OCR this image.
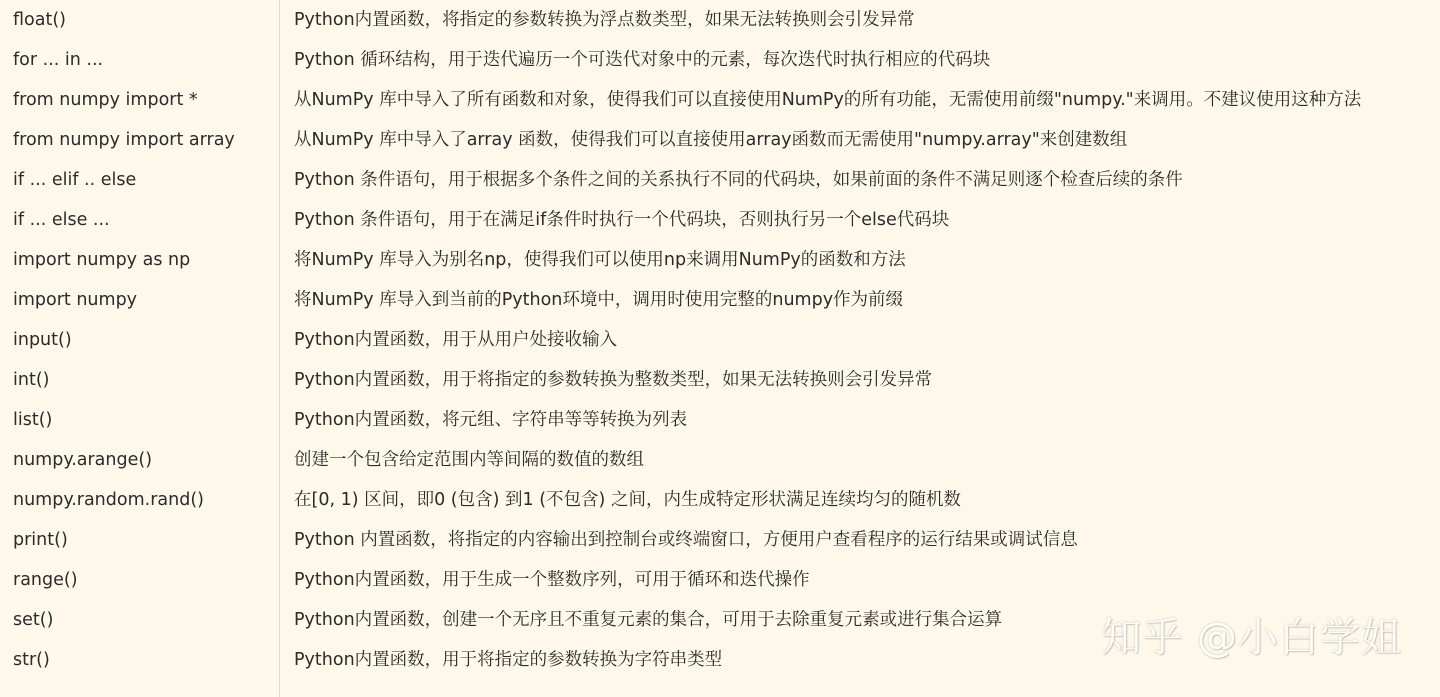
float()	Python内置函数，将指定的参数转换为浮点数类型，如果无法转换则会引发异常
for ... in ...	Python 循环结构，用于迭代遍历一个可迭代对象中的元素，每次迭代时执行相应的代码块
from numpy import *	从NumPy 库中导入了所有函数和对象，使得我们可以直接使用NumPy的所有功能，无需使用前缀"numpy."来调用。不建议使用这种方法
from numpy import array	从NumPy 库中导入了array 函数，使得我们可以直接使用array函数而无需使用"numpy.array"来创建数组
if ... elif .. else	Python 条件语句，用于根据多个条件之间的关系执行不同的代码块，如果前面的条件不满足则逐个检查后续的条件
if ... else ...	Python 条件语句，用于在满足if条件时执行一个代码块，否则执行另一个else代码块
import numpy as np	将NumPy 库导入为别名np，使得我们可以使用np来调用NumPy的函数和方法
import numpy	将NumPy 库导入到当前的Python环境中，调用时使用完整的numpy作为前缀
input()	Python内置函数，用于从用户处接收输入
int()	Python内置函数，用于将指定的参数转换为整数类型，如果无法转换则会引发异常
list()	Python内置函数，将元组、字符串等等转换为列表
numpy.arange()	创建一个包含给定范围内等间隔的数值的数组
numpy.random.rand()	在[0, 1) 区间，即0 (包含) 到1 (不包含) 之间，内生成特定形状满足连续均匀的随机数
print()	Python 内置函数，将指定的内容输出到控制台或终端窗口，方便用户查看程序的运行结果或调试信息
range()	Python内置函数，用于生成一个整数序列，可用于循环和迭代操作
set()	Python内置函数，创建一个无序且不重复元素的集合，可用于去除重复元素或进行集合运算
str()	Python内置函数，用于将指定的参数转换为字符串类型	知乎 @小白学姐
